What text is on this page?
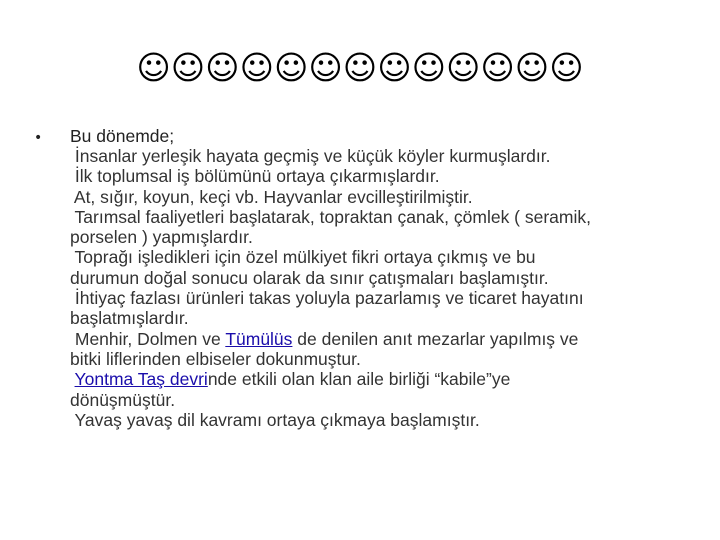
☺☺☺☺☺☺☺☺☺☺☺☺☺
•	Bu dönemde;
İnsanlar yerleşik hayata geçmiş ve küçük köyler kurmuşlardır.
İlk toplumsal iş bölümünü ortaya çıkarmışlardır.
At, sığır, koyun, keçi vb. Hayvanlar evcilleştirilmiştir.
Tarımsal faaliyetleri başlatarak, topraktan çanak, çömlek ( seramik,
porselen ) yapmışlardır.
Toprağı işledikleri için özel mülkiyet fikri ortaya çıkmış ve bu
durumun doğal sonucu olarak da sınır çatışmaları başlamıştır.
İhtiyaç fazlası ürünleri takas yoluyla pazarlamış ve ticaret hayatını
başlatmışlardır.
Menhir, Dolmen ve Tümülüs de denilen anıt mezarlar yapılmış ve
bitki liflerinden elbiseler dokunmuştur.
Yontma Taş devrinde etkili olan klan aile birliği “kabile”ye
dönüşmüştür.
Yavaş yavaş dil kavramı ortaya çıkmaya başlamıştır.
